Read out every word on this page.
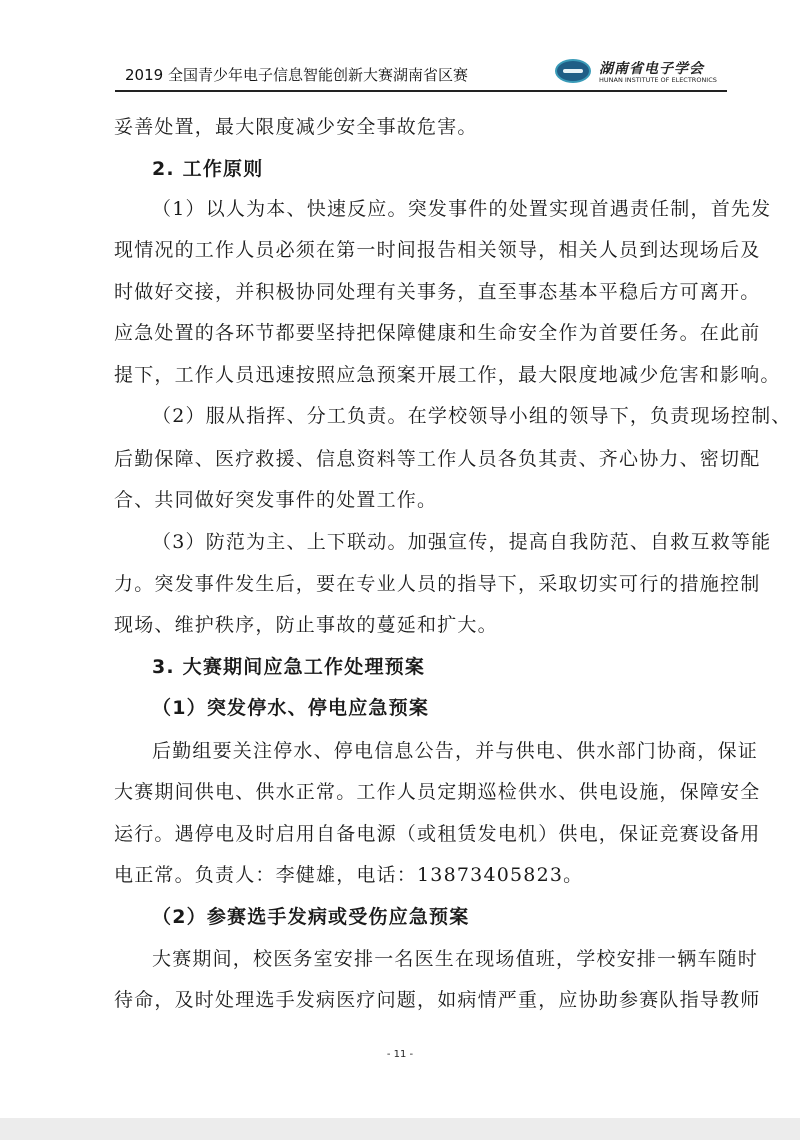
2019 全国青少年电子信息智能创新大赛湖南省区赛	湖南省电子学会
HUNAN INSTITUTE OF ELECTRONICS
妥善处置，最大限度减少安全事故危害。
2. 工作原则
（1）以人为本、快速反应。突发事件的处置实现首遇责任制，首先发
现情况的工作人员必须在第一时间报告相关领导，相关人员到达现场后及
时做好交接，并积极协同处理有关事务，直至事态基本平稳后方可离开。
应急处置的各环节都要坚持把保障健康和生命安全作为首要任务。在此前
提下，工作人员迅速按照应急预案开展工作，最大限度地减少危害和影响。
（2）服从指挥、分工负责。在学校领导小组的领导下，负责现场控制、
后勤保障、医疗救援、信息资料等工作人员各负其责、齐心协力、密切配
合、共同做好突发事件的处置工作。
（3）防范为主、上下联动。加强宣传，提高自我防范、自救互救等能
力。突发事件发生后，要在专业人员的指导下，采取切实可行的措施控制
现场、维护秩序，防止事故的蔓延和扩大。
3. 大赛期间应急工作处理预案
（1）突发停水、停电应急预案
后勤组要关注停水、停电信息公告，并与供电、供水部门协商，保证
大赛期间供电、供水正常。工作人员定期巡检供水、供电设施，保障安全
运行。遇停电及时启用自备电源（或租赁发电机）供电，保证竞赛设备用
电正常。负责人：李健雄，电话：13873405823。
（2）参赛选手发病或受伤应急预案
大赛期间，校医务室安排一名医生在现场值班，学校安排一辆车随时
待命，及时处理选手发病医疗问题，如病情严重，应协助参赛队指导教师
- 11 -
